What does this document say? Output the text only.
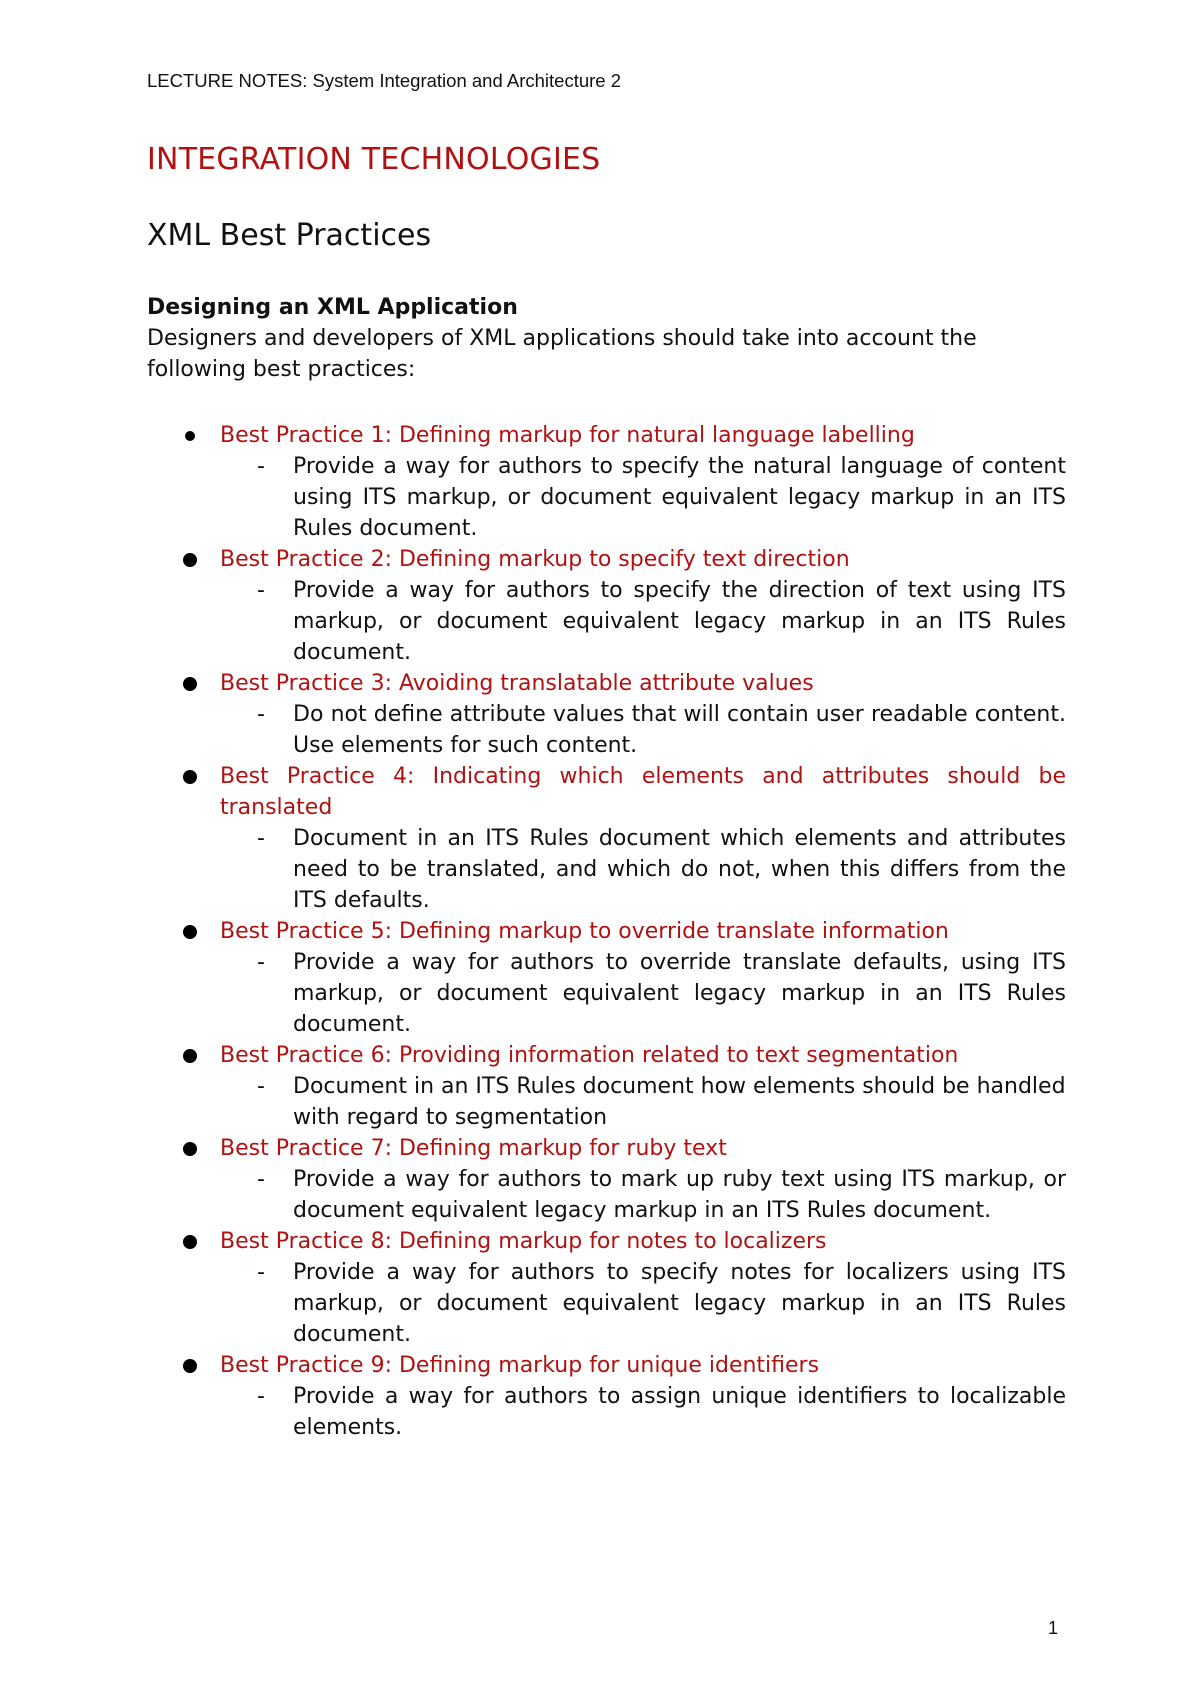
LECTURE NOTES: System Integration and Architecture 2
INTEGRATION TECHNOLOGIES
XML Best Practices

Designing an XML Application

Designers and developers of XML applications should take into account the following best practices:

Best Practice 1: Defining markup for natural language labelling
- Provide a way for authors to specify the natural language of content using ITS markup, or document equivalent legacy markup in an ITS Rules document.
Best Practice 2: Defining markup to specify text direction
- Provide a way for authors to specify the direction of text using ITS markup, or document equivalent legacy markup in an ITS Rules document.
Best Practice 3: Avoiding translatable attribute values
- Do not define attribute values that will contain user readable content. Use elements for such content.
Best Practice 4: Indicating which elements and attributes should be translated
- Document in an ITS Rules document which elements and attributes need to be translated, and which do not, when this differs from the ITS defaults.
Best Practice 5: Defining markup to override translate information
- Provide a way for authors to override translate defaults, using ITS markup, or document equivalent legacy markup in an ITS Rules document.
Best Practice 6: Providing information related to text segmentation
- Document in an ITS Rules document how elements should be handled with regard to segmentation
Best Practice 7: Defining markup for ruby text
- Provide a way for authors to mark up ruby text using ITS markup, or document equivalent legacy markup in an ITS Rules document.
Best Practice 8: Defining markup for notes to localizers
- Provide a way for authors to specify notes for localizers using ITS markup, or document equivalent legacy markup in an ITS Rules document.
Best Practice 9: Defining markup for unique identifiers
- Provide a way for authors to assign unique identifiers to localizable elements.
1
